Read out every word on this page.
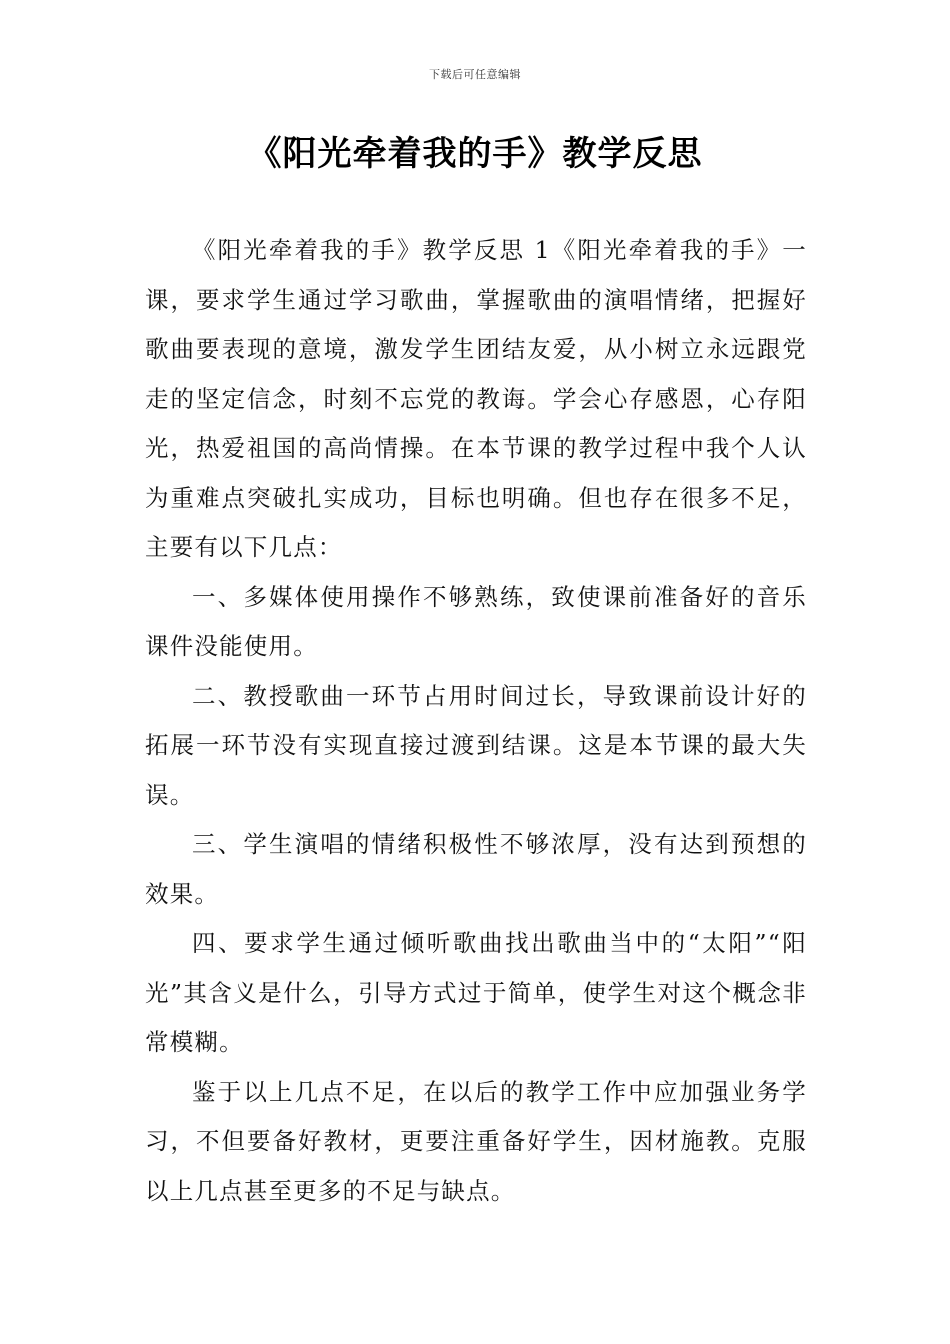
下载后可任意编辑
《阳光牵着我的手》教学反思

《阳光牵着我的手》教学反思 1《阳光牵着我的手》一课，要求学生通过学习歌曲，掌握歌曲的演唱情绪，把握好歌曲要表现的意境，激发学生团结友爱，从小树立永远跟党走的坚定信念，时刻不忘党的教诲。学会心存感恩，心存阳光，热爱祖国的高尚情操。在本节课的教学过程中我个人认为重难点突破扎实成功，目标也明确。但也存在很多不足，主要有以下几点：

一、多媒体使用操作不够熟练，致使课前准备好的音乐课件没能使用。

二、教授歌曲一环节占用时间过长，导致课前设计好的拓展一环节没有实现直接过渡到结课。这是本节课的最大失误。

三、学生演唱的情绪积极性不够浓厚，没有达到预想的效果。

四、要求学生通过倾听歌曲找出歌曲当中的“太阳”“阳光”其含义是什么，引导方式过于简单，使学生对这个概念非常模糊。

鉴于以上几点不足，在以后的教学工作中应加强业务学习，不但要备好教材，更要注重备好学生，因材施教。克服以上几点甚至更多的不足与缺点。
